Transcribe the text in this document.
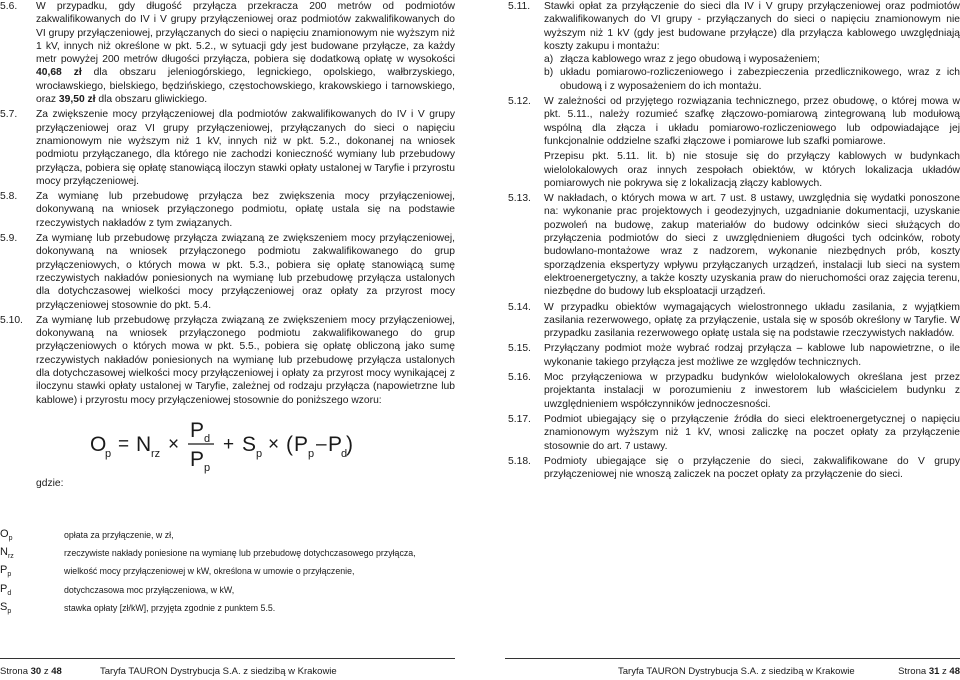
5.6.	W przypadku, gdy długość przyłącza przekracza 200 metrów od podmiotów zakwalifikowanych do IV i V grupy przyłączeniowej oraz podmiotów zakwalifikowanych do VI grupy przyłączeniowej, przyłączanych do sieci o napięciu znamionowym nie wyższym niż 1 kV, innych niż określone w pkt. 5.2., w sytuacji gdy jest budowane przyłącze, za każdy metr powyżej 200 metrów długości przyłącza, pobiera się dodatkową opłatę w wysokości 40,68 zł dla obszaru jeleniogórskiego, legnickiego, opolskiego, wałbrzyskiego, wrocławskiego, bielskiego, będzińskiego, częstochowskiego, krakowskiego i tarnowskiego, oraz 39,50 zł dla obszaru gliwickiego.
5.7.	Za zwiększenie mocy przyłączeniowej dla podmiotów zakwalifikowanych do IV i V grupy przyłączeniowej oraz VI grupy przyłączeniowej, przyłączanych do sieci o napięciu znamionowym nie wyższym niż 1 kV, innych niż w pkt. 5.2., dokonanej na wniosek podmiotu przyłączanego, dla którego nie zachodzi konieczność wymiany lub przebudowy przyłącza, pobiera się opłatę stanowiącą iloczyn stawki opłaty ustalonej w Taryfie i przyrostu mocy przyłączeniowej.
5.8.	Za wymianę lub przebudowę przyłącza bez zwiększenia mocy przyłączeniowej, dokonywaną na wniosek przyłączonego podmiotu, opłatę ustala się na podstawie rzeczywistych nakładów z tym związanych.
5.9.	Za wymianę lub przebudowę przyłącza związaną ze zwiększeniem mocy przyłączeniowej, dokonywaną na wniosek przyłączonego podmiotu zakwalifikowanego do grup przyłączeniowych, o których mowa w pkt. 5.3., pobiera się opłatę stanowiącą sumę rzeczywistych nakładów poniesionych na wymianę lub przebudowę przyłącza ustalonych dla dotychczasowej wielkości mocy przyłączeniowej oraz opłaty za przyrost mocy przyłączeniowej stosownie do pkt. 5.4.
5.10.	Za wymianę lub przebudowę przyłącza związaną ze zwiększeniem mocy przyłączeniowej, dokonywaną na wniosek przyłączonego podmiotu zakwalifikowanego do grup przyłączeniowych o których mowa w pkt. 5.5., pobiera się opłatę obliczoną jako sumę rzeczywistych nakładów poniesionych na wymianę lub przebudowę przyłącza ustalonych dla dotychczasowej wielkości mocy przyłączeniowej i opłaty za przyrost mocy wynikającej z iloczynu stawki opłaty ustalonej w Taryfie, zależnej od rodzaju przyłącza (napowietrzne lub kablowe) i przyrostu mocy przyłączeniowej stosownie do poniższego wzoru:
O
p = N rz ×
P d
P p
+ S p × ( P p – P
d
)
gdzie:
$O_p$	opłata za przyłączenie, w zł,
$N_{rz}$	rzeczywiste nakłady poniesione na wymianę lub przebudowę dotychczasowego przyłącza,
$P_p$	wielkość mocy przyłączeniowej w kW, określona w umowie o przyłączenie,
$P_d$	dotychczasowa moc przyłączeniowa, w kW,
$S_p$	stawka opłaty [zł/kW], przyjęta zgodnie z punktem 5.5.
5.11.	Stawki opłat za przyłączenie do sieci dla IV i V grupy przyłączeniowej oraz podmiotów zakwalifikowanych do VI grupy - przyłączanych do sieci o napięciu znamionowym nie wyższym niż 1 kV (gdy jest budowane przyłącze) dla przyłącza kablowego uwzględniają koszty zakupu i montażu:

a) złącza kablowego wraz z jego obudową i wyposażeniem;
b) układu pomiarowo-rozliczeniowego i zabezpieczenia przedlicznikowego, wraz z ich obudową i z wyposażeniem do ich montażu.
5.12.	W zależności od przyjętego rozwiązania technicznego, przez obudowę, o której mowa w pkt. 5.11., należy rozumieć szafkę złączowo-pomiarową zintegrowaną lub modułową wspólną dla złącza i układu pomiarowo-rozliczeniowego lub odpowiadające jej funkcjonalnie oddzielne szafki złączowe i pomiarowe lub szafki pomiarowe.

Przepisu pkt. 5.11. lit. b) nie stosuje się do przyłączy kablowych w budynkach wielolokalowych oraz innych zespołach obiektów, w których lokalizacja układów pomiarowych nie pokrywa się z lokalizacją złączy kablowych.

5.13.	W nakładach, o których mowa w art. 7 ust. 8 ustawy, uwzględnia się wydatki ponoszone na: wykonanie prac projektowych i geodezyjnych, uzgadnianie dokumentacji, uzyskanie pozwoleń na budowę, zakup materiałów do budowy odcinków sieci służących do przyłączenia podmiotów do sieci z uwzględnieniem długości tych odcinków, roboty budowlano-montażowe wraz z nadzorem, wykonanie niezbędnych prób, koszty sporządzenia ekspertyzy wpływu przyłączanych urządzeń, instalacji lub sieci na system elektroenergetyczny, a także koszty uzyskania praw do nieruchomości oraz zajęcia terenu, niezbędne do budowy lub eksploatacji urządzeń.
5.14.	W przypadku obiektów wymagających wielostronnego układu zasilania, z wyjątkiem zasilania rezerwowego, opłatę za przyłączenie, ustala się w sposób określony w Taryfie. W przypadku zasilania rezerwowego opłatę ustala się na podstawie rzeczywistych nakładów.
5.15.	Przyłączany podmiot może wybrać rodzaj przyłącza – kablowe lub napowietrzne, o ile wykonanie takiego przyłącza jest możliwe ze względów technicznych.
5.16.	Moc przyłączeniowa w przypadku budynków wielolokalowych określana jest przez projektanta instalacji w porozumieniu z inwestorem lub właścicielem budynku z uwzględnieniem współczynników jednoczesności.
5.17.	Podmiot ubiegający się o przyłączenie źródła do sieci elektroenergetycznej o napięciu znamionowym wyższym niż 1 kV, wnosi zaliczkę na poczet opłaty za przyłączenie stosownie do art. 7 ustawy.
5.18.	Podmioty ubiegające się o przyłączenie do sieci, zakwalifikowane do V grupy przyłączeniowej nie wnoszą zaliczek na poczet opłaty za przyłączenie do sieci.
Strona 30 z 48	Taryfa TAURON Dystrybucja S.A. z siedzibą w Krakowie	Taryfa TAURON Dystrybucja S.A. z siedzibą w Krakowie	Strona 31 z 48
